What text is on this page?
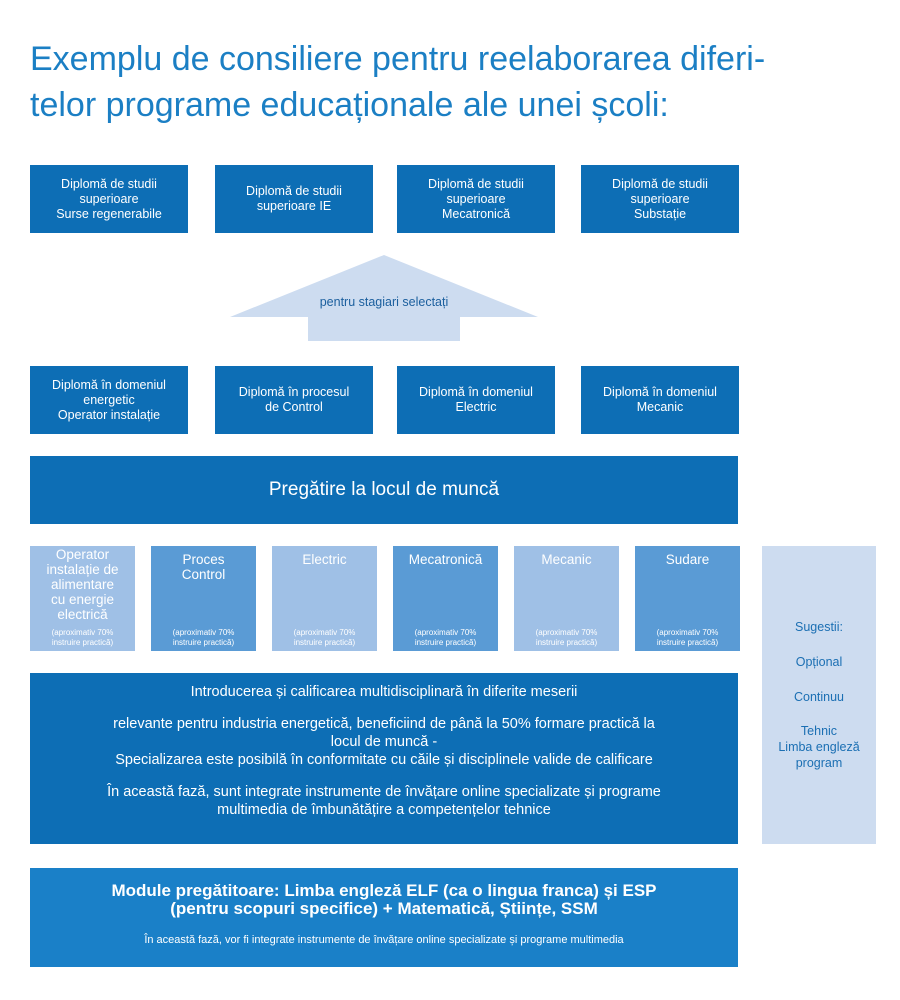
Exemplu de consiliere pentru reelaborarea diferi-
telor programe educaționale ale unei școli:
Diplomă de studii
superioare
Surse regenerabile
Diplomă de studii
superioare IE
Diplomă de studii
superioare
Mecatronică
Diplomă de studii
superioare
Substație
pentru stagiari selectați
Diplomă în domeniul
energetic
Operator instalație
Diplomă în procesul
de Control
Diplomă în domeniul
Electric
Diplomă în domeniul
Mecanic
Pregătire la locul de muncă
Operator
instalație de
alimentare
cu energie
electrică
(aproximativ 70%
instruire practică)
Proces
Control
(aproximativ 70%
instruire practică)
Electric
(aproximativ 70%
instruire practică)
Mecatronică
(aproximativ 70%
instruire practică)
Mecanic
(aproximativ 70%
instruire practică)
Sudare
(aproximativ 70%
instruire practică)
Sugestii:
Opțional
Continuu
Tehnic
Limba engleză
program

Introducerea și calificarea multidisciplinară în diferite meserii

relevante pentru industria energetică, beneficiind de până la 50% formare practică la

locul de muncă -

Specializarea este posibilă în conformitate cu căile și disciplinele valide de calificare

În această fază, sunt integrate instrumente de învățare online specializate și programe

multimedia de îmbunătățire a competențelor tehnice

Module pregătitoare: Limba engleză ELF (ca o lingua franca) și ESP
(pentru scopuri specifice) + Matematică, Științe, SSM
În această fază, vor fi integrate instrumente de învățare online specializate și programe multimedia
